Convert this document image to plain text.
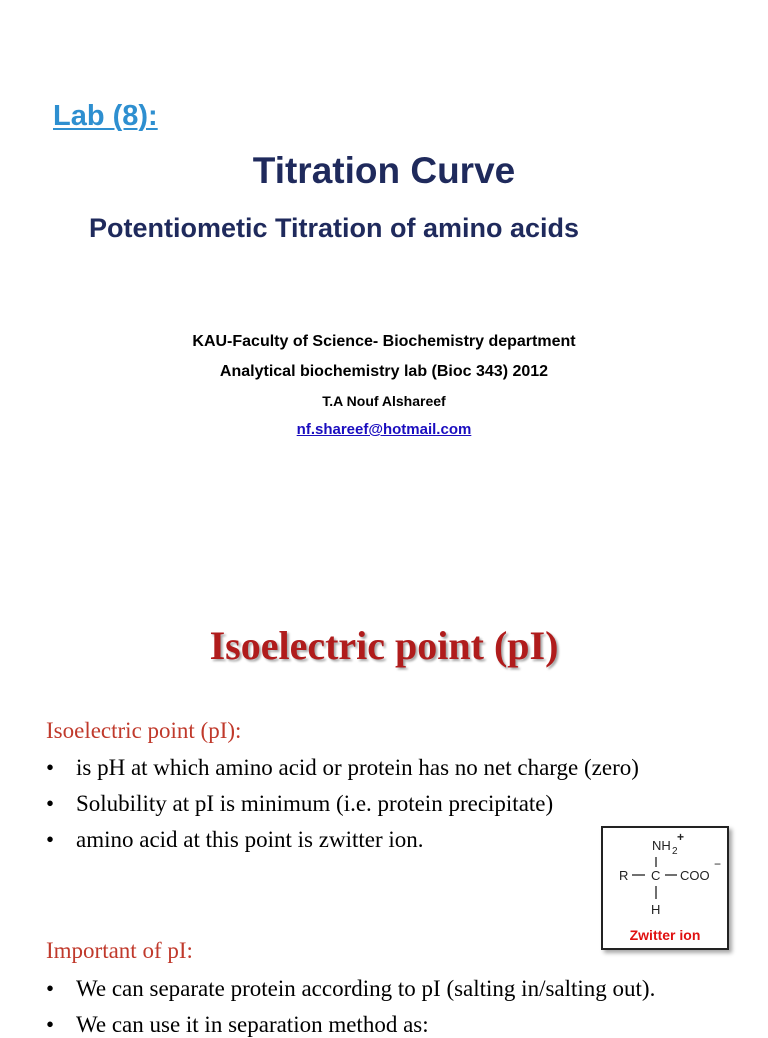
Lab (8):
Titration Curve
Potentiometic Titration of amino acids
KAU-Faculty of Science- Biochemistry department
Analytical biochemistry lab (Bioc 343) 2012
T.A Nouf Alshareef
nf.shareef@hotmail.com
Isoelectric point (pI)
Isoelectric point (pI):
• is pH at which amino acid or protein has no net charge (zero)
• Solubility at pI is minimum (i.e. protein precipitate)
• amino acid at this point is zwitter ion.	NH 2
+
R C COO
−
H
Zwitter ion
Important of pI:
• We can separate protein according to pI (salting in/salting out).
• We can use it in separation method as:
